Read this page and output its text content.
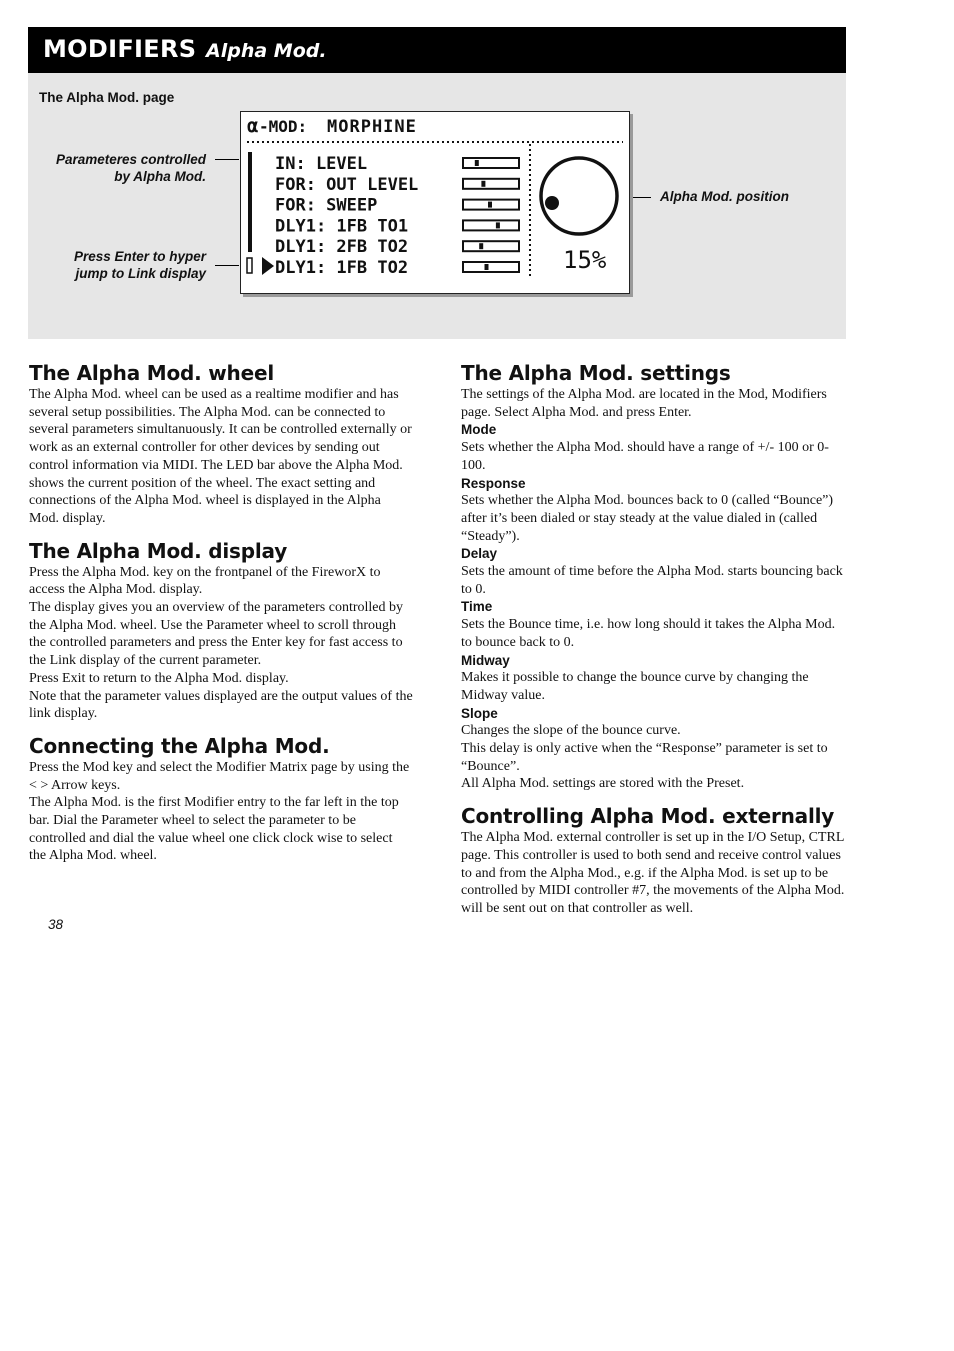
MODIFIERS Alpha Mod.
The Alpha Mod. page
Parameteres controlled
by Alpha Mod.
Press Enter to hyper
jump to Link display
Alpha Mod. position
α -MOD: MORPHINE
IN: LEVEL
FOR: OUT LEVEL
FOR: SWEEP
DLY1: 1FB TO1
DLY1: 2FB TO2
DLY1: 1FB TO2	15%
The Alpha Mod. wheel

The Alpha Mod. wheel can be used as a realtime modifier and has several setup possibilities. The Alpha Mod. can be connected to several parameters simultanuously. It can be controlled externally or work as an external controller for other devices by sending out control information via MIDI. The LED bar above the Alpha Mod. shows the current position of the wheel. The exact setting and connections of the Alpha Mod. wheel is displayed in the Alpha Mod. display.

The Alpha Mod. display

Press the Alpha Mod. key on the frontpanel of the FireworX to access the Alpha Mod. display.

The display gives you an overview of the parameters controlled by the Alpha Mod. wheel. Use the Parameter wheel to scroll through the controlled parameters and press the Enter key for fast access to the Link display of the current parameter.

Press Exit to return to the Alpha Mod. display.

Note that the parameter values displayed are the output values of the link display.

Connecting the Alpha Mod.

Press the Mod key and select the Modifier Matrix page by using the < > Arrow keys.

The Alpha Mod. is the first Modifier entry to the far left in the top bar. Dial the Parameter wheel to select the parameter to be controlled and dial the value wheel one click clock wise to select the Alpha Mod. wheel.

The Alpha Mod. settings

The settings of the Alpha Mod. are located in the Mod, Modifiers page. Select Alpha Mod. and press Enter.

Mode

Sets whether the Alpha Mod. should have a range of +/- 100 or 0-100.

Response

Sets whether the Alpha Mod. bounces back to 0 (called “Bounce”) after it’s been dialed or stay steady at the value dialed in (called “Steady”).

Delay

Sets the amount of time before the Alpha Mod. starts bouncing back to 0.

Time

Sets the Bounce time, i.e. how long should it takes the Alpha Mod. to bounce back to 0.

Midway

Makes it possible to change the bounce curve by changing the Midway value.

Slope

Changes the slope of the bounce curve.

This delay is only active when the “Response” parameter is set to “Bounce”.

All Alpha Mod. settings are stored with the Preset.

Controlling Alpha Mod. externally

The Alpha Mod. external controller is set up in the I/O Setup, CTRL page. This controller is used to both send and receive control values to and from the Alpha Mod., e.g. if the Alpha Mod. is set up to be controlled by MIDI controller #7, the movements of the Alpha Mod. will be sent out on that controller as well.

38
